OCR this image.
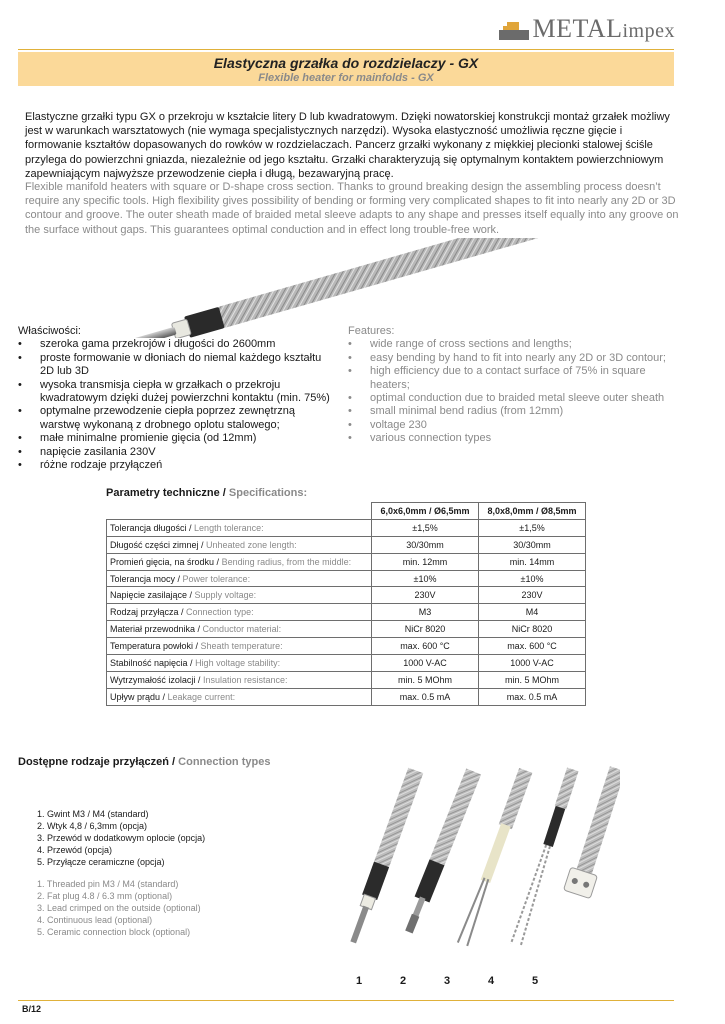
METALimpex
Elastyczna grzałka do rozdzielaczy - GX
Flexible heater for mainfolds - GX
Elastyczne grzałki typu GX o przekroju w kształcie litery D lub kwadratowym. Dzięki nowatorskiej konstrukcji montaż grzałek możliwy jest w warunkach warsztatowych (nie wymaga specjalistycznych narzędzi). Wysoka elastyczność umożliwia ręczne gięcie i formowanie kształtów dopasowanych do rowków w rozdzielaczach. Pancerz grzałki wykonany z miękkiej plecionki stalowej ściśle przylega do powierzchni gniazda, niezależnie od jego kształtu. Grzałki charakteryzują się optymalnym kontaktem powierzchniowym zapewniającym najwyższe przewodzenie ciepła i długą, bezawaryjną pracę.
Flexible manifold heaters with square or D-shape cross section. Thanks to ground breaking design the assembling process doesn’t require any specific tools. High flexibility gives possibility of bending or forming very complicated shapes to fit into nearly any 2D or 3D contour and groove. The outer sheath made of braided metal sleeve adapts to any shape and presses itself equally into any groove on the surface without gaps. This guarantees optimal conduction and in effect long trouble-free work.
Właściwości:
• szeroka gama przekrojów i długości do 2600mm
• proste formowanie w dłoniach do niemal każdego kształtu 2D lub 3D
• wysoka transmisja ciepła w grzałkach o przekroju kwadratowym dzięki dużej powierzchni kontaktu (min. 75%)
• optymalne przewodzenie ciepła poprzez zewnętrzną warstwę wykonaną z drobnego oplotu stalowego;
• małe minimalne promienie gięcia (od 12mm)
• napięcie zasilania 230V
• różne rodzaje przyłączeń
Features:
• wide range of cross sections and lengths;
• easy bending by hand to fit into nearly any 2D or 3D contour;
• high efficiency due to a contact surface of 75% in square heaters;
• optimal conduction due to braided metal sleeve outer sheath
• small minimal bend radius (from 12mm)
• voltage 230
• various connection types
Parametry techniczne / Specifications:
	6,0x6,0mm / Ø6,5mm	8,0x8,0mm / Ø8,5mm
Tolerancja długości / Length tolerance:	±1,5%	±1,5%
Długość części zimnej / Unheated zone length:	30/30mm	30/30mm
Promień gięcia, na środku / Bending radius, from the middle:	min. 12mm	min. 14mm
Tolerancja mocy / Power tolerance:	±10%	±10%
Napięcie zasilające / Supply voltage:	230V	230V
Rodzaj przyłącza / Connection type:	M3	M4
Materiał przewodnika / Conductor material:	NiCr 8020	NiCr 8020
Temperatura powłoki / Sheath temperature:	max. 600 °C	max. 600 °C
Stabilność napięcia / High voltage stability:	1000 V-AC	1000 V-AC
Wytrzymałość izolacji / Insulation resistance:	min. 5 MOhm	min. 5 MOhm
Upływ prądu / Leakage current:	max. 0.5 mA	max. 0.5 mA
Dostępne rodzaje przyłączeń / Connection types
1. Gwint M3 / M4 (standard)
2. Wtyk 4,8 / 6,3mm (opcja)
3. Przewód w dodatkowym oplocie (opcja)
4. Przewód (opcja)
5. Przyłącze ceramiczne (opcja)
1. Threaded pin M3 / M4 (standard)
2. Fat plug 4.8 / 6.3 mm (optional)
3. Lead crimped on the outside (optional)
4. Continuous lead (optional)
5. Ceramic connection block (optional)
1	2	3	4	5
B/12
